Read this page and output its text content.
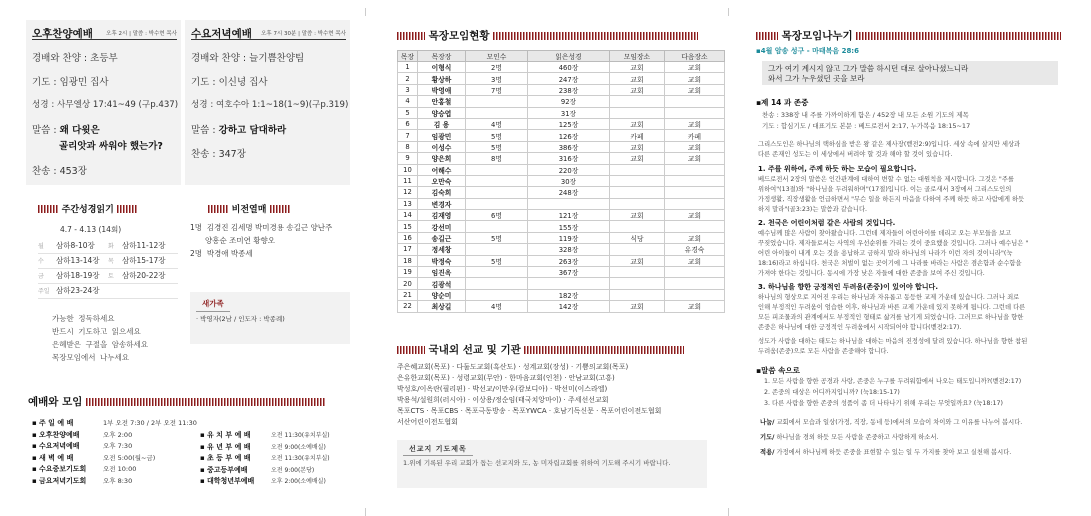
오후찬양예배 오후 2시 | 말씀 : 박수현 목사
경배와 찬양 : 초등부
기도 : 임광민 집사
성경 : 사무엘상 17:41~49 (구p.437)
말씀 : 왜 다윗은
골리앗과 싸워야 했는가?
찬송 : 453장
수요저녁예배 오후 7시 30분 | 말씀 : 박수현 목사
경배와 찬양 : 늘기쁨찬양팀
기도 : 이신녕 집사
성경 : 여호수아 1:1~18(1~9)(구p.319)
말씀 : 강하고 담대하라
찬송 : 347장
주간성경읽기
4.7 - 4.13 (14회)
월 삼하8-10장 화 삼하11-12장
수 삼하13-14장 목 삼하15-17장
금 삼하18-19장 토 삼하20-22장
주일 삼하23-24장
가능한 정독하세요
반드시 기도하고 읽으세요
은혜받은 구절을 암송하세요
목장모임에서 나누세요
비전열매
1명 김경진 김세명 박미경용 송길근 양난주
양흥순 조미연 황향오
2명 박경애 박종세
새가족
· 박영자(2남 / 인도자 : 박종례)
예배와 모임
▪ 주 일 예 배	1부 오전 7:30 / 2부 오전 11:30
▪ 오후찬양예배	오후 2:00
▪ 수요저녁예배	오후 7:30
▪ 새 벽 예 배	오전 5:00(월~금)
▪ 수요중보기도회	오전 10:00
▪ 금요저녁기도회	오후 8:30
▪ 유 치 부 예 배	오전 11:30(유치부실)
▪ 유 년 부 예 배	오전 9:00(소예배실)
▪ 초 등 부 예 배	오전 11:30(유치부실)
▪ 중고등부예배	오전 9:00(본당)
▪ 대학청년부예배	오후 2:00(소예배실)
목장모임현황
목장	목장장	모인수	읽은성경	모임장소	다음장소
1	이형식	2명	460장	교회	교회
2	황상하	3명	247장	교회	교회
3	박영애	7명	238장	교회	교회
4	안홍철		92장		
5	양승엽		31장		
6	김 용	4명	125장	교회	교회
7	임광민	5명	126장	카페	카페
8	이성수	5명	386장	교회	교회
9	양은희	8명	316장	교회	교회
10	어해수		220장		
11	오만숙		30장		
12	김숙희		248장		
13	변경자				
14	김재영	6명	121장	교회	교회
15	강선미		155장		
16	송길근	5명	119장	식당	교회
17	정세창		328장		유경숙
18	박정숙	5명	263장	교회	교회
19	임진옥		367장		
20	김광석				
21	양순미		182장		
22	최상길	4명	142장	교회	교회
국내외 선교 및 기관
주은혜교회(목포) · 다둘도교회(흑산도) · 성계교회(장성) · 기쁨의교회(목포)
은유한교회(목포) · 성령교회(무안) · 한마음교회(인천) · 안남교회(고흥)
박성호/이옥란(필리핀) · 박선교/이만우(캄보디아) · 박선미(이스라엘)
박용석/설원희(러시아) · 이상용/정순임(태국치앙마이) · 주세선선교회
목포CTS · 목포CBS · 목포극동방송 · 목포YWCA · 호남기독신문 · 목포어린이전도협회
서산어린이전도협회
선교지 기도제목
1.위에 기록된 우리 교회가 돕는 선교지와 도, 농 미자립교회를 위하여 기도해 주시기 바랍니다.
목장모임나누기
▪4월 암송 성구 - 마태복음 28:6
그가 여기 계시지 않고 그가 말씀 하시던 대로 살아나셨느니라
와서 그가 누우셨던 곳을 보라
▪제 14 과 존중
찬송 : 338장 내 주를 가까이하게 함은 / 452장 내 모든 소원 기도의 제목
기도 : 합심기도 / 대표기도 본문 : 베드로전서 2:17, 누가복음 18:15~17
그리스도인은 하나님의 택하심을 받은 왕 같은 제사장(벧전2:9)입니다. 세상 속에 살지만 세상과
다른 존재인 성도는 이 세상에서 버려야 할 것과 해야 할 것이 있습니다.
1. 주를 위하여, 주께 하듯 하는 모습이 필요합니다.
베드로전서 2장의 말씀은 인간관계에 대하여 변할 수 없는 대원칙을 제시합니다. 그것은 "주를
위하여"(13절)와 "하나님을 두려워하며"(17절)입니다. 이는 골로새서 3장에서 그리스도인의
가정생활, 직장생활을 언급하면서 "무슨 일을 하든지 마음을 다하여 주께 하듯 하고 사람에게 하듯
하지 말라"(골3:23)는 말씀과 같습니다.
2. 천국은 어린이처럼 같은 사람의 것입니다.
예수님께 많은 사람이 찾아왔습니다. 그런데 제자들이 어린아이를 데리고 오는 부모들을 보고
꾸짖었습니다. 제자들로서는 사역의 우선순위를 가리는 것이 중요했을 것입니다. 그러나 예수님은 "
어린 아이들이 내게 오는 것을 용납하고 금하지 말라 하나님의 나라가 이런 자의 것이니라"(눅
18:16)라고 하십니다. 천국은 처벌이 없는 곳이기에 그 나라를 바라는 사람은 겸손함과 순수함을
가져야 한다는 것입니다. 동시에 가장 낮은 자들에 대한 존중을 보여 주신 것입니다.
3. 하나님을 향한 긍정적인 두려움(존중)이 있어야 합니다.
하나님의 형상으로 지어진 우리는 하나님과 자유롭고 동등한 교제 가운데 있습니다. 그러나 죄로
인해 부정적인 두려움이 엄습한 이후, 하나님과 바른 교제 가운데 있지 못하게 됩니다. 그런데 다른
모든 피조물과의 관계에서도 부정적인 형태로 삶겨를 남기게 되었습니다. 그러므로 하나님을 향한
존중은 하나님에 대한 긍정적인 두려움에서 시작되어야 합니다(벧전2:17).
성도가 사람을 대하는 태도는 하나님을 대하는 마음의 진정성에 달려 있습니다. 하나님을 향한 참된
두려움(존중)으로 모든 사람을 존중해야 합니다.
▪말씀 속으로
1. 모든 사람을 향한 공경과 사랑, 존중은 누구를 두려워함에서 나오는 태도입니까?(벧전2:17)
2. 존중의 대상은 어디까지입니까? (눅18:15-17)
3. 다른 사람을 향한 존중의 성품이 좀 더 나타나기 위해 우리는 무엇일까요? (눅18:17)
나눔/ 교회에서 모습과 일상(가정, 직장, 동네 등)에서의 모습이 차이와 그 이유를 나누어 봅시다.
기도/ 하나님을 경외 하듯 모든 사람을 존중하고 사랑하게 하소서.
적용/ 가정에서 하나님께 하듯 존중을 표현할 수 있는 일 두 가지를 찾아 보고 실천해 봅시다.
